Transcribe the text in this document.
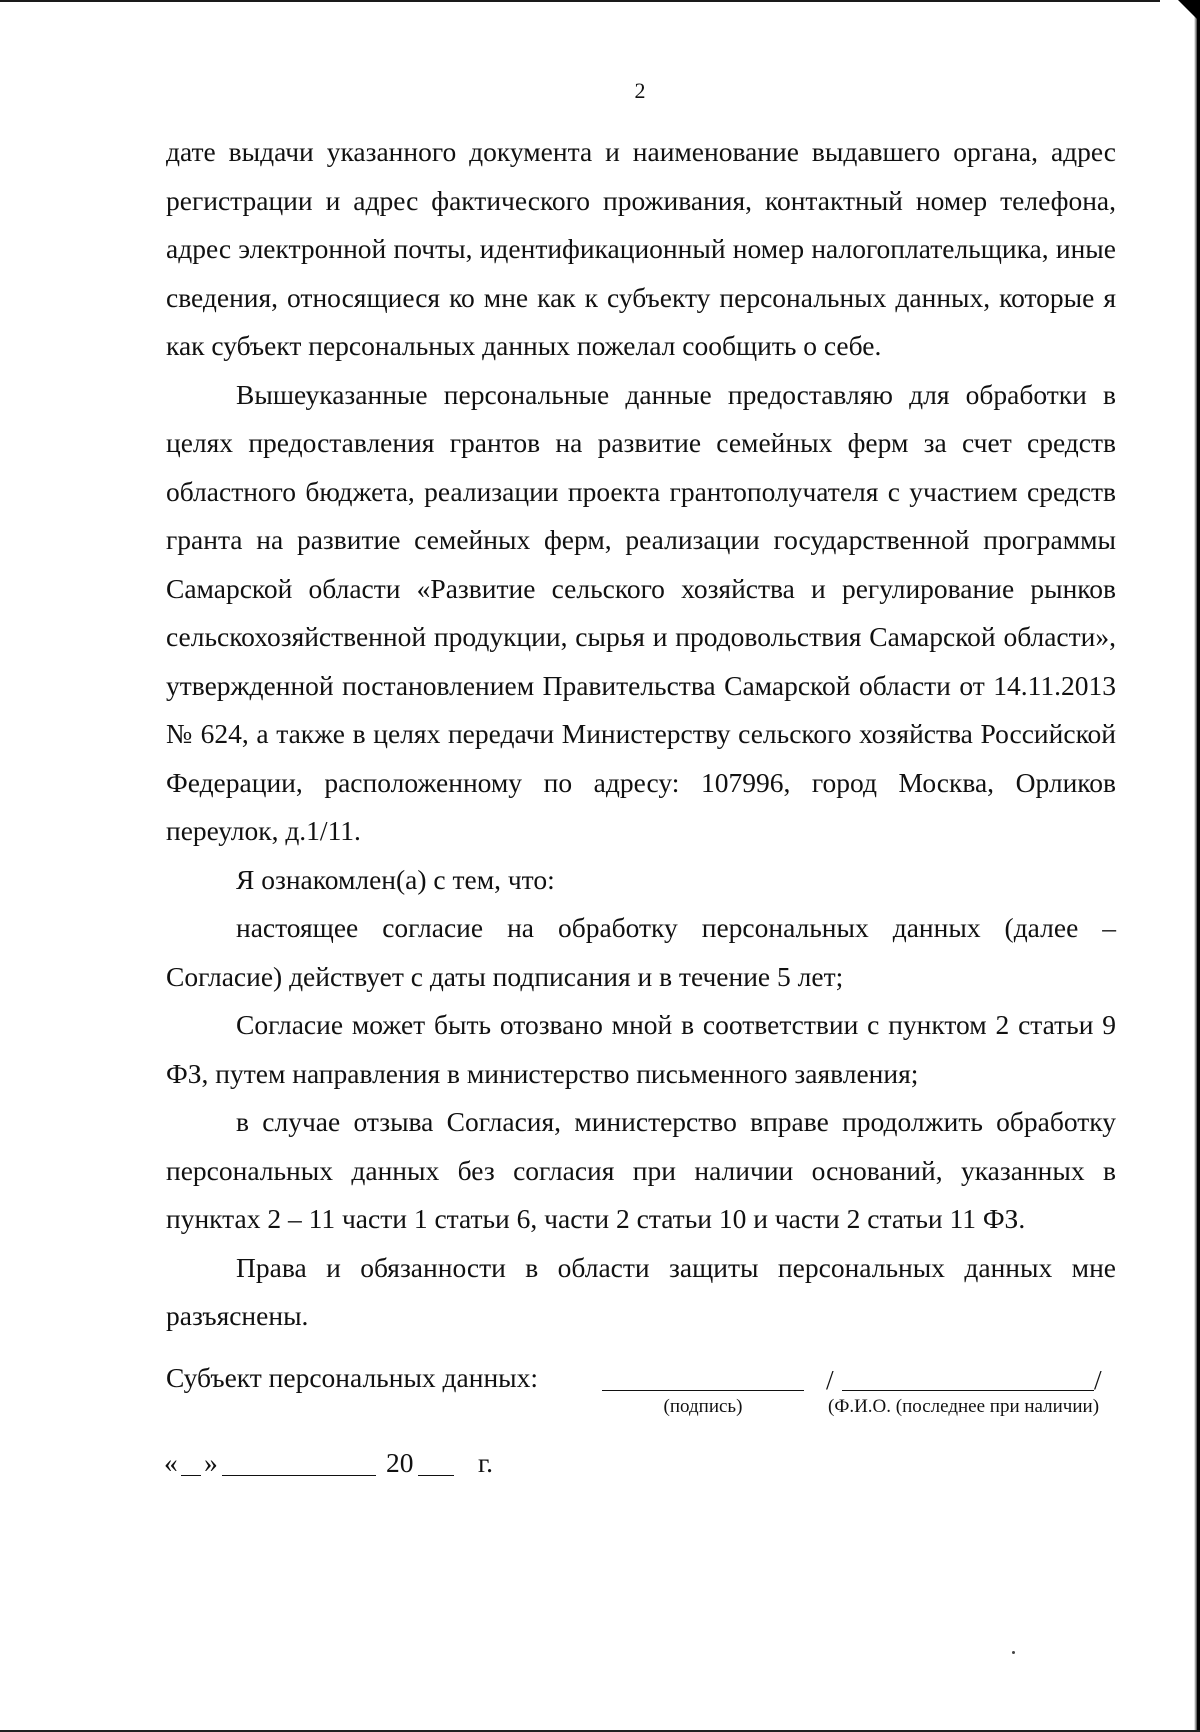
2

дате выдачи указанного документа и наименование выдавшего органа, адрес регистрации и адрес фактического проживания, контактный номер телефона, адрес электронной почты, идентификационный номер налогоплательщика, иные сведения, относящиеся ко мне как к субъекту персональных данных, которые я как субъект персональных данных пожелал сообщить о себе.

Вышеуказанные персональные данные предоставляю для обработки в целях предоставления грантов на развитие семейных ферм за счет средств областного бюджета, реализации проекта грантополучателя с участием средств гранта на развитие семейных ферм, реализации государственной программы Самарской области «Развитие сельского хозяйства и регулирование рынков сельскохозяйственной продукции, сырья и продовольствия Самарской области», утвержденной постановлением Правительства Самарской области от 14.11.2013 № 624, а также в целях передачи Министерству сельского хозяйства Российской Федерации, расположенному по адресу: 107996, город Москва, Орликов переулок, д.1/11.

Я ознакомлен(а) с тем, что:

настоящее согласие на обработку персональных данных (далее – Согласие) действует с даты подписания и в течение 5 лет;

Согласие может быть отозвано мной в соответствии с пунктом 2 статьи 9 ФЗ, путем направления в министерство письменного заявления;

в случае отзыва Согласия, министерство вправе продолжить обработку персональных данных без согласия при наличии оснований, указанных в пунктах 2 – 11 части 1 статьи 6, части 2 статьи 10 и части 2 статьи 11 ФЗ.

Права и обязанности в области защиты персональных данных мне разъяснены.

Субъект персональных данных:
(подпись)
/	/
(Ф.И.О. (последнее при наличии)
« »	20 г.
